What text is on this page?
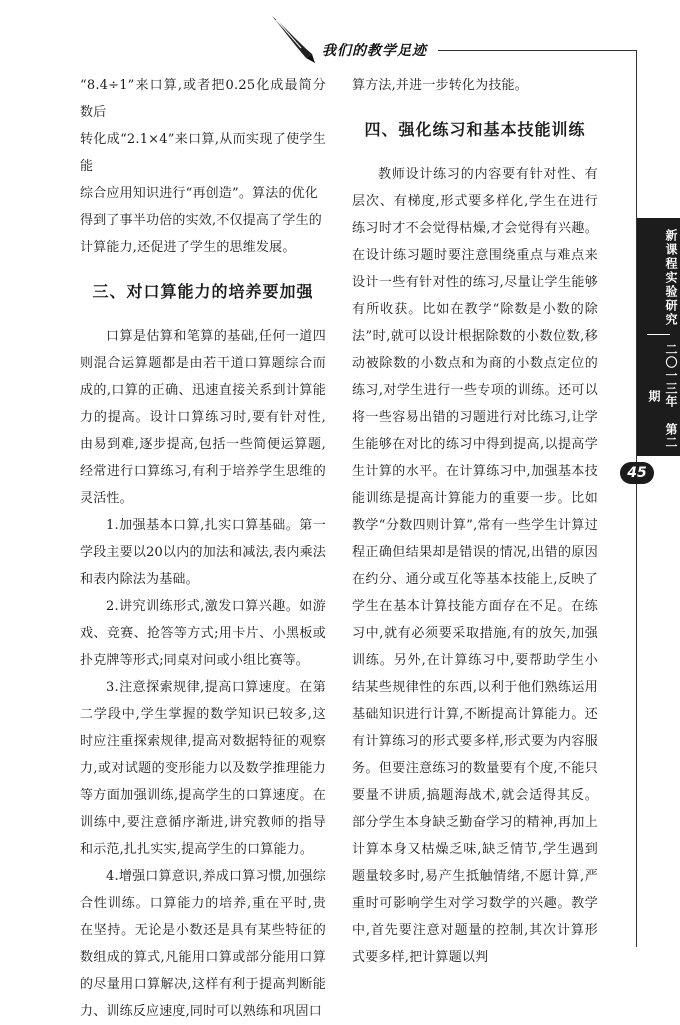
我们的教学足迹

“8.4÷1”来口算,或者把0.25化成最简分数后

转化成“2.1×4”来口算,从而实现了使学生能

综合应用知识进行“再创造”。算法的优化

得到了事半功倍的实效,不仅提高了学生的

计算能力,还促进了学生的思维发展。

三、对口算能力的培养要加强

口算是估算和笔算的基础,任何一道四则混合运算题都是由若干道口算题综合而成的,口算的正确、迅速直接关系到计算能力的提高。设计口算练习时,要有针对性,由易到难,逐步提高,包括一些简便运算题,经常进行口算练习,有利于培养学生思维的灵活性。

1.加强基本口算,扎实口算基础。第一学段主要以20以内的加法和减法,表内乘法和表内除法为基础。

2.讲究训练形式,激发口算兴趣。如游戏、竞赛、抢答等方式;用卡片、小黑板或扑克牌等形式;同桌对问或小组比赛等。

3.注意探索规律,提高口算速度。在第二学段中,学生掌握的数学知识已较多,这时应注重探索规律,提高对数据特征的观察力,或对试题的变形能力以及数学推理能力等方面加强训练,提高学生的口算速度。在训练中,要注意循序渐进,讲究教师的指导和示范,扎扎实实,提高学生的口算能力。

4.增强口算意识,养成口算习惯,加强综合性训练。口算能力的培养,重在平时,贵在坚持。无论是小数还是具有某些特征的数组成的算式,凡能用口算或部分能用口算的尽量用口算解决,这样有利于提高判断能力、训练反应速度,同时可以熟练和巩固口

算方法,并进一步转化为技能。

四、强化练习和基本技能训练

教师设计练习的内容要有针对性、有层次、有梯度,形式要多样化,学生在进行练习时才不会觉得枯燥,才会觉得有兴趣。在设计练习题时要注意围绕重点与难点来设计一些有针对性的练习,尽量让学生能够有所收获。比如在教学“除数是小数的除法”时,就可以设计根据除数的小数位数,移动被除数的小数点和为商的小数点定位的练习,对学生进行一些专项的训练。还可以将一些容易出错的习题进行对比练习,让学生能够在对比的练习中得到提高,以提高学生计算的水平。在计算练习中,加强基本技能训练是提高计算能力的重要一步。比如教学“分数四则计算”,常有一些学生计算过程正确但结果却是错误的情况,出错的原因在约分、通分或互化等基本技能上,反映了学生在基本计算技能方面存在不足。在练习中,就有必须要采取措施,有的放矢,加强训练。另外,在计算练习中,要帮助学生小结某些规律性的东西,以利于他们熟练运用基础知识进行计算,不断提高计算能力。还有计算练习的形式要多样,形式要为内容服务。但要注意练习的数量要有个度,不能只要量不讲质,搞题海战术,就会适得其反。部分学生本身缺乏勤奋学习的精神,再加上计算本身又枯燥乏味,缺乏情节,学生遇到题量较多时,易产生抵触情绪,不愿计算,严重时可影响学生对学习数学的兴趣。教学中,首先要注意对题量的控制,其次计算形式要多样,把计算题以判

新课程实验研究
二〇一三年 第二期
45
